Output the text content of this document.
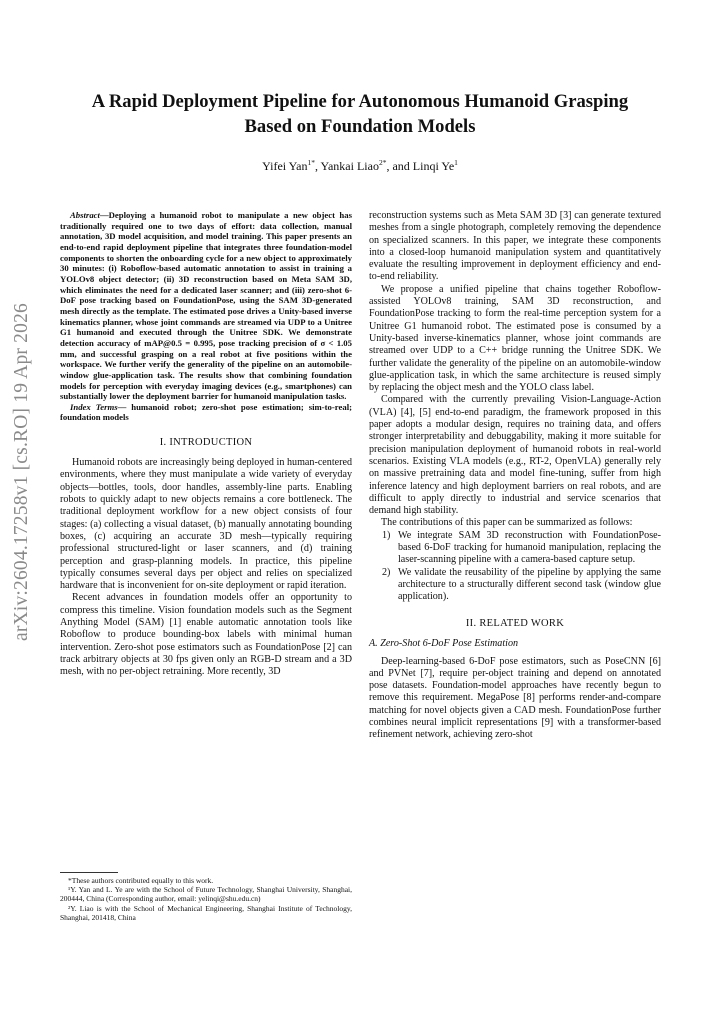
arXiv:2604.17258v1 [cs.RO] 19 Apr 2026
A Rapid Deployment Pipeline for Autonomous Humanoid Grasping
Based on Foundation Models
Yifei Yan$^{1*}$, Yankai Liao$^{2*}$, and Linqi Ye$^1$

Abstract—Deploying a humanoid robot to manipulate a new object has traditionally required one to two days of effort: data collection, manual annotation, 3D model acquisition, and model training. This paper presents an end-to-end rapid deployment pipeline that integrates three foundation-model components to shorten the onboarding cycle for a new object to approximately 30 minutes: (i) Roboflow-based automatic annotation to assist in training a YOLOv8 object detector; (ii) 3D reconstruction based on Meta SAM 3D, which eliminates the need for a dedicated laser scanner; and (iii) zero-shot 6-DoF pose tracking based on FoundationPose, using the SAM 3D-generated mesh directly as the template. The estimated pose drives a Unity-based inverse kinematics planner, whose joint commands are streamed via UDP to a Unitree G1 humanoid and executed through the Unitree SDK. We demonstrate detection accuracy of mAP@0.5 = 0.995, pose tracking precision of σ < 1.05 mm, and successful grasping on a real robot at five positions within the workspace. We further verify the generality of the pipeline on an automobile-window glue-application task. The results show that combining foundation models for perception with everyday imaging devices (e.g., smartphones) can substantially lower the deployment barrier for humanoid manipulation tasks.

Index Terms— humanoid robot; zero-shot pose estimation; sim-to-real; foundation models

I. INTRODUCTION

Humanoid robots are increasingly being deployed in human-centered environments, where they must manipulate a wide variety of everyday objects—bottles, tools, door handles, assembly-line parts. Enabling robots to quickly adapt to new objects remains a core bottleneck. The traditional deployment workflow for a new object consists of four stages: (a) collecting a visual dataset, (b) manually annotating bounding boxes, (c) acquiring an accurate 3D mesh—typically requiring professional structured-light or laser scanners, and (d) training perception and grasp-planning models. In practice, this pipeline typically consumes several days per object and relies on specialized hardware that is inconvenient for on-site deployment or rapid iteration.

Recent advances in foundation models offer an opportunity to compress this timeline. Vision foundation models such as the Segment Anything Model (SAM) [1] enable automatic annotation tools like Roboflow to produce bounding-box labels with minimal human intervention. Zero-shot pose estimators such as FoundationPose [2] can track arbitrary objects at 30 fps given only an RGB-D stream and a 3D mesh, with no per-object retraining. More recently, 3D

reconstruction systems such as Meta SAM 3D [3] can generate textured meshes from a single photograph, completely removing the dependence on specialized scanners. In this paper, we integrate these components into a closed-loop humanoid manipulation system and quantitatively evaluate the resulting improvement in deployment efficiency and end-to-end reliability.

We propose a unified pipeline that chains together Roboflow-assisted YOLOv8 training, SAM 3D reconstruction, and FoundationPose tracking to form the real-time perception system for a Unitree G1 humanoid robot. The estimated pose is consumed by a Unity-based inverse-kinematics planner, whose joint commands are streamed over UDP to a C++ bridge running the Unitree SDK. We further validate the generality of the pipeline on an automobile-window glue-application task, in which the same architecture is reused simply by replacing the object mesh and the YOLO class label.

Compared with the currently prevailing Vision-Language-Action (VLA) [4], [5] end-to-end paradigm, the framework proposed in this paper adopts a modular design, requires no training data, and offers stronger interpretability and debuggability, making it more suitable for precision manipulation deployment of humanoid robots in real-world scenarios. Existing VLA models (e.g., RT-2, OpenVLA) generally rely on massive pretraining data and model fine-tuning, suffer from high inference latency and high deployment barriers on real robots, and are difficult to apply directly to industrial and service scenarios that demand high stability.

The contributions of this paper can be summarized as follows:

1) We integrate SAM 3D reconstruction with FoundationPose-based 6-DoF tracking for humanoid manipulation, replacing the laser-scanning pipeline with a camera-based capture setup.
2) We validate the reusability of the pipeline by applying the same architecture to a structurally different second task (window glue application).
II. RELATED WORK
A. Zero-Shot 6-DoF Pose Estimation

Deep-learning-based 6-DoF pose estimators, such as PoseCNN [6] and PVNet [7], require per-object training and depend on annotated pose datasets. Foundation-model approaches have recently begun to remove this requirement. MegaPose [8] performs render-and-compare matching for novel objects given a CAD mesh. FoundationPose further combines neural implicit representations [9] with a transformer-based refinement network, achieving zero-shot

*These authors contributed equally to this work.

¹Y. Yan and L. Ye are with the School of Future Technology, Shanghai University, Shanghai, 200444, China (Corresponding author, email: yelinqi@shu.edu.cn)

²Y. Liao is with the School of Mechanical Engineering, Shanghai Institute of Technology, Shanghai, 201418, China
